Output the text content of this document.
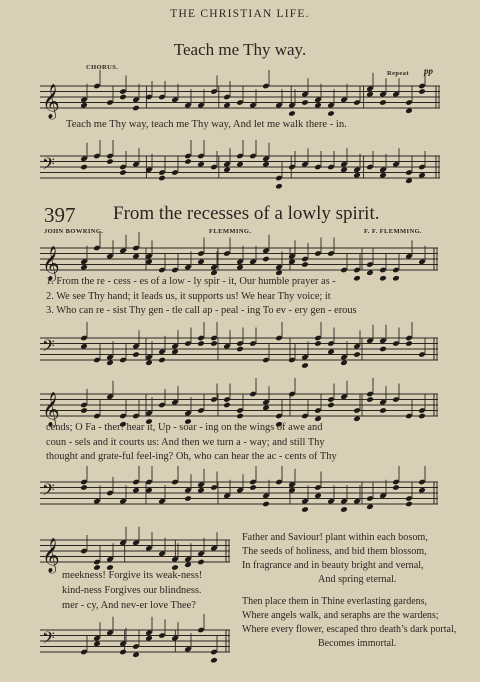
THE CHRISTIAN LIFE.
Teach me Thy way.
CHORUS.
Repeat pp
𝄞
Teach me Thy way, teach me Thy way, And let me walk there - in.
𝄢
397 From the recesses of a lowly spirit.
JOHN BOWRING.	FLEMMING.	F. F. FLEMMING.
𝄞
1. From the re - cess - es of a low - ly spir - it, Our humble prayer as -
2. We see Thy hand; it leads us, it supports us! We hear Thy voice; it
3. Who can re - sist Thy gen - tle call ap - peal - ing To ev - ery gen - erous
𝄢
𝄞
cends; O Fa - ther! hear it, Up - soar - ing on the wings of awe and
coun - sels and it courts us: And then we turn a - way; and still Thy
thought and grate-ful feel-ing? Oh, who can hear the ac - cents of Thy
𝄢
𝄞
meekness! Forgive its weak-ness!
kind-ness Forgives our blindness.
mer - cy, And nev-er love Thee?
𝄢
Father and Saviour! plant within each bosom,
The seeds of holiness, and bid them blossom,
In fragrance and in beauty bright and vernal,
And spring eternal.
Then place them in Thine everlasting gardens,
Where angels walk, and seraphs are the wardens;
Where every flower, escaped thro death’s dark portal,
Becomes immortal.
